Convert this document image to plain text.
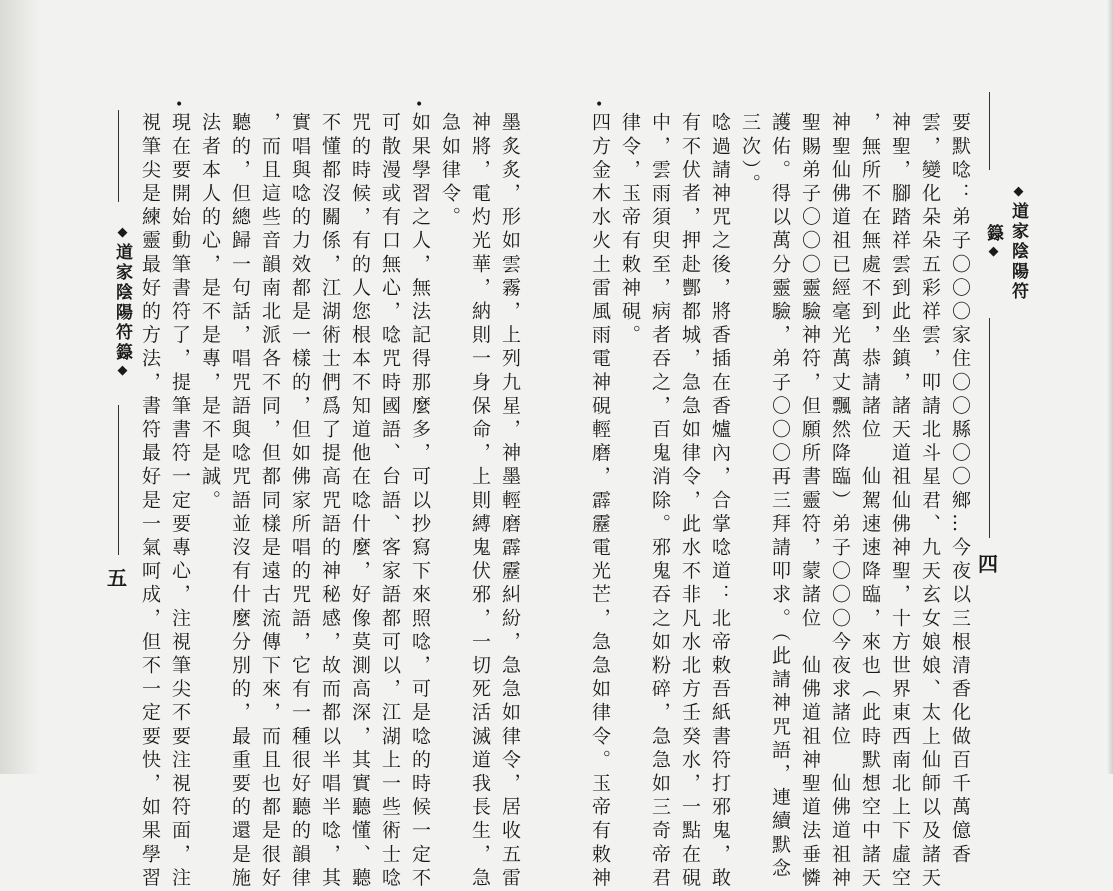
◆道家陰陽符籙◆
四
要默唸：弟子〇〇〇家住〇〇縣〇〇鄉…今夜以三根清香化做百千萬億香
雲，變化朵朵五彩祥雲，叩請北斗星君、九天玄女娘娘、太上仙師以及諸天
神聖，腳踏祥雲到此坐鎮，諸天道祖仙佛神聖，十方世界東西南北上下虛空
，無所不在無處不到，恭請諸位　仙駕速速降臨，來也（此時默想空中諸天
神聖仙佛道祖已經毫光萬丈飄然降臨）弟子〇〇〇今夜求諸位　仙佛道祖神
聖賜弟子〇〇〇靈驗神符，但願所書靈符，蒙諸位　仙佛道祖神聖道法垂憐
護佑。得以萬分靈驗，弟子〇〇〇再三拜請叩求。（此請神咒語，連續默念
三次）。
唸過請神咒之後，將香插在香爐內，合掌唸道：北帝敕吾紙書符打邪鬼，敢
有不伏者，押赴酆都城，急急如律令，此水不非凡水北方壬癸水，一點在硯
中，雲雨須臾至，病者吞之，百鬼消除。邪鬼吞之如粉碎，急急如三奇帝君
律令，玉帝有敕神硯。
•
四方金木水火土雷風雨電神硯輕磨，霹靂電光芒，急急如律令。玉帝有敕神
墨炙炙，形如雲霧，上列九星，神墨輕磨霹靂糾紛，急急如律令，居收五雷
神將，電灼光華，納則一身保命，上則縛鬼伏邪，一切死活滅道我長生，急
急如律令。
•
如果學習之人，無法記得那麼多，可以抄寫下來照唸，可是唸的時候一定不
可散漫或有口無心，唸咒時國語、台語、客家語都可以，江湖上一些術士唸
咒的時候，有的人您根本不知道他在唸什麼，好像莫測高深，其實聽懂、聽
不懂都沒關係，江湖術士們爲了提高咒語的神秘感，故而都以半唱半唸，其
實唱與唸的力效都是一樣的，但如佛家所唱的咒語，它有一種很好聽的韻律
，而且這些音韻南北派各不同，但都同樣是遠古流傳下來，而且也都是很好
聽的，但總歸一句話，唱咒語與唸咒語並沒有什麼分別的，最重要的還是施
法者本人的心，是不是專，是不是誠。
•
現在要開始動筆書符了，提筆書符一定要專心，注視筆尖不要注視符面，注
視筆尖是練靈最好的方法，書符最好是一氣呵成，但不一定要快，如果學習
◆道家陰陽符籙◆
五
